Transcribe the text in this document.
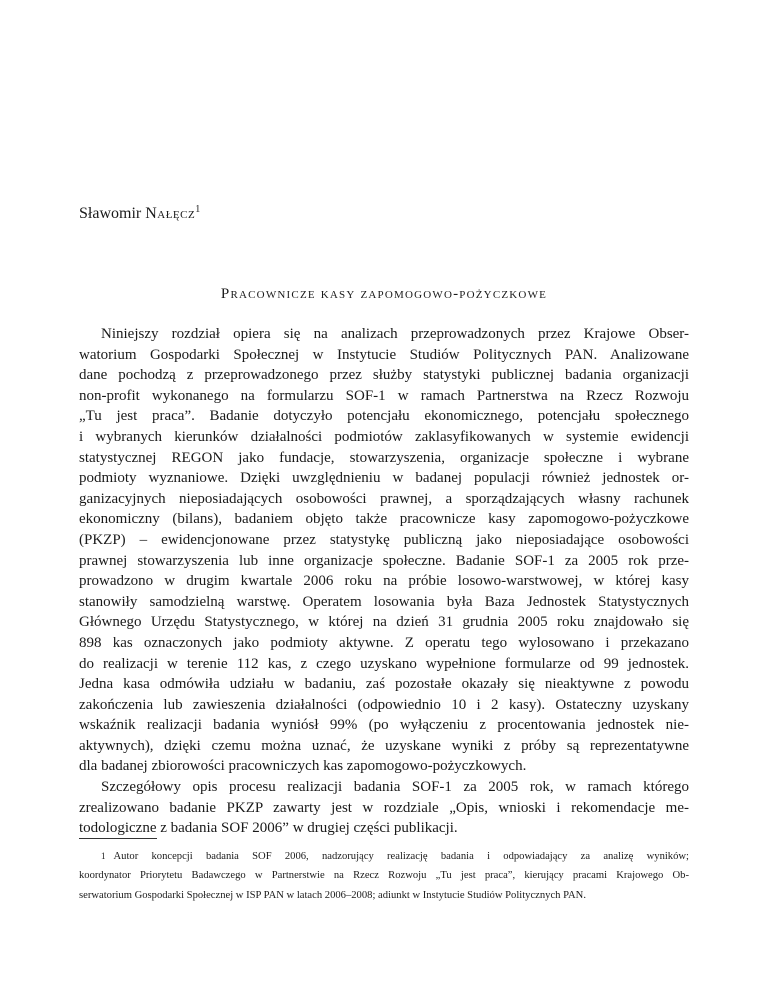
Sławomir Nałęcz$^1$
Pracownicze kasy zapomogowo-pożyczkowe
Niniejszy rozdział opiera się na analizach przeprowadzonych przez Krajowe Obser-
watorium Gospodarki Społecznej w Instytucie Studiów Politycznych PAN. Analizowane
dane pochodzą z przeprowadzonego przez służby statystyki publicznej badania organizacji
non-profit wykonanego na formularzu SOF-1 w ramach Partnerstwa na Rzecz Rozwoju
„Tu jest praca”. Badanie dotyczyło potencjału ekonomicznego, potencjału społecznego
i wybranych kierunków działalności podmiotów zaklasyfikowanych w systemie ewidencji
statystycznej REGON jako fundacje, stowarzyszenia, organizacje społeczne i wybrane
podmioty wyznaniowe. Dzięki uwzględnieniu w badanej populacji również jednostek or-
ganizacyjnych nieposiadających osobowości prawnej, a sporządzających własny rachunek
ekonomiczny (bilans), badaniem objęto także pracownicze kasy zapomogowo-pożyczkowe
(PKZP) – ewidencjonowane przez statystykę publiczną jako nieposiadające osobowości
prawnej stowarzyszenia lub inne organizacje społeczne. Badanie SOF-1 za 2005 rok prze-
prowadzono w drugim kwartale 2006 roku na próbie losowo-warstwowej, w której kasy
stanowiły samodzielną warstwę. Operatem losowania była Baza Jednostek Statystycznych
Głównego Urzędu Statystycznego, w której na dzień 31 grudnia 2005 roku znajdowało się
898 kas oznaczonych jako podmioty aktywne. Z operatu tego wylosowano i przekazano
do realizacji w terenie 112 kas, z czego uzyskano wypełnione formularze od 99 jednostek.
Jedna kasa odmówiła udziału w badaniu, zaś pozostałe okazały się nieaktywne z powodu
zakończenia lub zawieszenia działalności (odpowiednio 10 i 2 kasy). Ostateczny uzyskany
wskaźnik realizacji badania wyniósł 99% (po wyłączeniu z procentowania jednostek nie-
aktywnych), dzięki czemu można uznać, że uzyskane wyniki z próby są reprezentatywne
dla badanej zbiorowości pracowniczych kas zapomogowo-pożyczkowych.
Szczegółowy opis procesu realizacji badania SOF-1 za 2005 rok, w ramach którego
zrealizowano badanie PKZP zawarty jest w rozdziale „Opis, wnioski i rekomendacje me-
todologiczne z badania SOF 2006” w drugiej części publikacji.
1 Autor koncepcji badania SOF 2006, nadzorujący realizację badania i odpowiadający za analizę wyników;
koordynator Priorytetu Badawczego w Partnerstwie na Rzecz Rozwoju „Tu jest praca”, kierujący pracami Krajowego Ob-
serwatorium Gospodarki Społecznej w ISP PAN w latach 2006–2008; adiunkt w Instytucie Studiów Politycznych PAN.
